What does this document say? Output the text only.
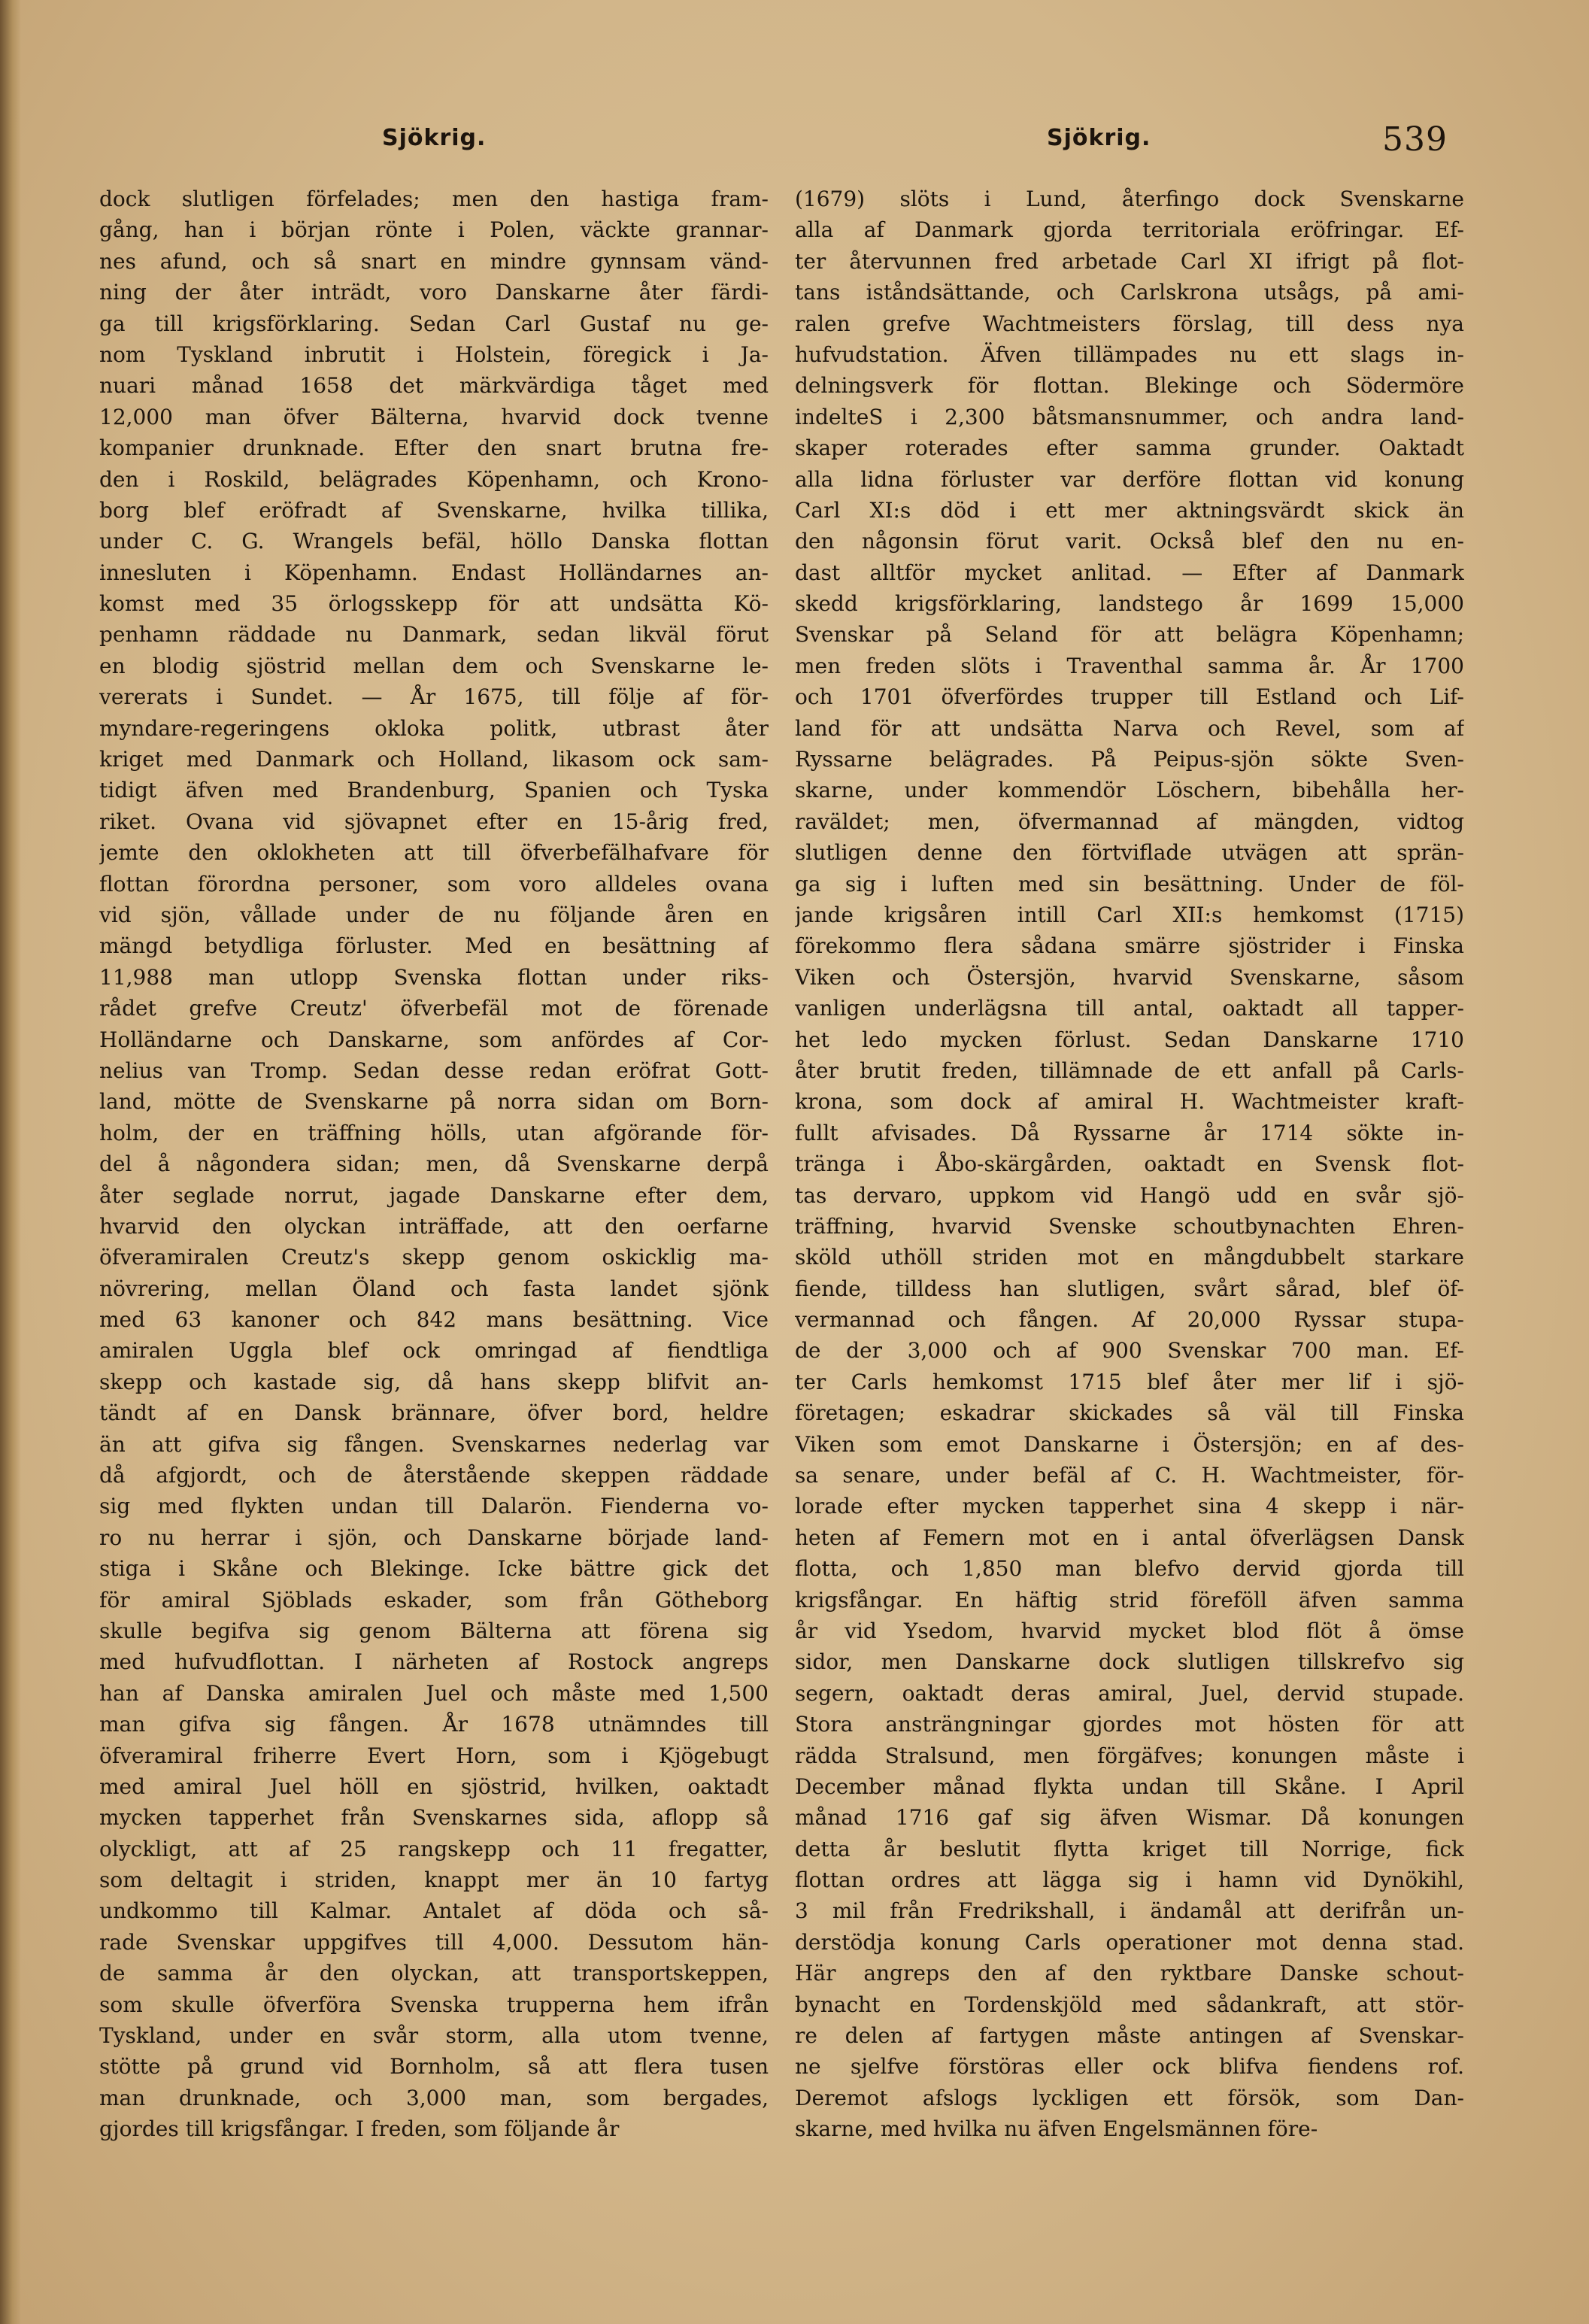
Sjökrig.	Sjökrig.	539
dock slutligen förfelades; men den hastiga fram-
gång, han i början rönte i Polen, väckte grannar-
nes afund, och så snart en mindre gynnsam vänd-
ning der åter inträdt, voro Danskarne åter färdi-
ga till krigsförklaring. Sedan Carl Gustaf nu ge-
nom Tyskland inbrutit i Holstein, föregick i Ja-
nuari månad 1658 det märkvärdiga tåget med
12,000 man öfver Bälterna, hvarvid dock tvenne
kompanier drunknade. Efter den snart brutna fre-
den i Roskild, belägrades Köpenhamn, och Krono-
borg blef eröfradt af Svenskarne, hvilka tillika,
under C. G. Wrangels befäl, höllo Danska flottan
innesluten i Köpenhamn. Endast Holländarnes an-
komst med 35 örlogsskepp för att undsätta Kö-
penhamn räddade nu Danmark, sedan likväl förut
en blodig sjöstrid mellan dem och Svenskarne le-
vererats i Sundet. — År 1675, till följe af för-
myndare-regeringens okloka politk, utbrast åter
kriget med Danmark och Holland, likasom ock sam-
tidigt äfven med Brandenburg, Spanien och Tyska
riket. Ovana vid sjövapnet efter en 15-årig fred,
jemte den oklokheten att till öfverbefälhafvare för
flottan förordna personer, som voro alldeles ovana
vid sjön, vållade under de nu följande åren en
mängd betydliga förluster. Med en besättning af
11,988 man utlopp Svenska flottan under riks-
rådet grefve Creutz' öfverbefäl mot de förenade
Holländarne och Danskarne, som anfördes af Cor-
nelius van Tromp. Sedan desse redan eröfrat Gott-
land, mötte de Svenskarne på norra sidan om Born-
holm, der en träffning hölls, utan afgörande för-
del å någondera sidan; men, då Svenskarne derpå
åter seglade norrut, jagade Danskarne efter dem,
hvarvid den olyckan inträffade, att den oerfarne
öfveramiralen Creutz's skepp genom oskicklig ma-
növrering, mellan Öland och fasta landet sjönk
med 63 kanoner och 842 mans besättning. Vice
amiralen Uggla blef ock omringad af fiendtliga
skepp och kastade sig, då hans skepp blifvit an-
tändt af en Dansk brännare, öfver bord, heldre
än att gifva sig fången. Svenskarnes nederlag var
då afgjordt, och de återstående skeppen räddade
sig med flykten undan till Dalarön. Fienderna vo-
ro nu herrar i sjön, och Danskarne började land-
stiga i Skåne och Blekinge. Icke bättre gick det
för amiral Sjöblads eskader, som från Götheborg
skulle begifva sig genom Bälterna att förena sig
med hufvudflottan. I närheten af Rostock angreps
han af Danska amiralen Juel och måste med 1,500
man gifva sig fången. År 1678 utnämndes till
öfveramiral friherre Evert Horn, som i Kjögebugt
med amiral Juel höll en sjöstrid, hvilken, oaktadt
mycken tapperhet från Svenskarnes sida, aflopp så
olyckligt, att af 25 rangskepp och 11 fregatter,
som deltagit i striden, knappt mer än 10 fartyg
undkommo till Kalmar. Antalet af döda och så-
rade Svenskar uppgifves till 4,000. Dessutom hän-
de samma år den olyckan, att transportskeppen,
som skulle öfverföra Svenska trupperna hem ifrån
Tyskland, under en svår storm, alla utom tvenne,
stötte på grund vid Bornholm, så att flera tusen
man drunknade, och 3,000 man, som bergades,
gjordes till krigsfångar. I freden, som följande år
(1679) slöts i Lund, återfingo dock Svenskarne
alla af Danmark gjorda territoriala eröfringar. Ef-
ter återvunnen fred arbetade Carl XI ifrigt på flot-
tans iståndsättande, och Carlskrona utsågs, på ami-
ralen grefve Wachtmeisters förslag, till dess nya
hufvudstation. Äfven tillämpades nu ett slags in-
delningsverk för flottan. Blekinge och Södermöre
indelteS i 2,300 båtsmansnummer, och andra land-
skaper roterades efter samma grunder. Oaktadt
alla lidna förluster var derföre flottan vid konung
Carl XI:s död i ett mer aktningsvärdt skick än
den någonsin förut varit. Också blef den nu en-
dast alltför mycket anlitad. — Efter af Danmark
skedd krigsförklaring, landstego år 1699 15,000
Svenskar på Seland för att belägra Köpenhamn;
men freden slöts i Traventhal samma år. År 1700
och 1701 öfverfördes trupper till Estland och Lif-
land för att undsätta Narva och Revel, som af
Ryssarne belägrades. På Peipus-sjön sökte Sven-
skarne, under kommendör Löschern, bibehålla her-
raväldet; men, öfvermannad af mängden, vidtog
slutligen denne den förtviflade utvägen att sprän-
ga sig i luften med sin besättning. Under de föl-
jande krigsåren intill Carl XII:s hemkomst (1715)
förekommo flera sådana smärre sjöstrider i Finska
Viken och Östersjön, hvarvid Svenskarne, såsom
vanligen underlägsna till antal, oaktadt all tapper-
het ledo mycken förlust. Sedan Danskarne 1710
åter brutit freden, tillämnade de ett anfall på Carls-
krona, som dock af amiral H. Wachtmeister kraft-
fullt afvisades. Då Ryssarne år 1714 sökte in-
tränga i Åbo-skärgården, oaktadt en Svensk flot-
tas dervaro, uppkom vid Hangö udd en svår sjö-
träffning, hvarvid Svenske schoutbynachten Ehren-
sköld uthöll striden mot en mångdubbelt starkare
fiende, tilldess han slutligen, svårt sårad, blef öf-
vermannad och fången. Af 20,000 Ryssar stupa-
de der 3,000 och af 900 Svenskar 700 man. Ef-
ter Carls hemkomst 1715 blef åter mer lif i sjö-
företagen; eskadrar skickades så väl till Finska
Viken som emot Danskarne i Östersjön; en af des-
sa senare, under befäl af C. H. Wachtmeister, för-
lorade efter mycken tapperhet sina 4 skepp i när-
heten af Femern mot en i antal öfverlägsen Dansk
flotta, och 1,850 man blefvo dervid gjorda till
krigsfångar. En häftig strid föreföll äfven samma
år vid Ysedom, hvarvid mycket blod flöt å ömse
sidor, men Danskarne dock slutligen tillskrefvo sig
segern, oaktadt deras amiral, Juel, dervid stupade.
Stora ansträngningar gjordes mot hösten för att
rädda Stralsund, men förgäfves; konungen måste i
December månad flykta undan till Skåne. I April
månad 1716 gaf sig äfven Wismar. Då konungen
detta år beslutit flytta kriget till Norrige, fick
flottan ordres att lägga sig i hamn vid Dynökihl,
3 mil från Fredrikshall, i ändamål att derifrån un-
derstödja konung Carls operationer mot denna stad.
Här angreps den af den ryktbare Danske schout-
bynacht en Tordenskjöld med sådankraft, att stör-
re delen af fartygen måste antingen af Svenskar-
ne sjelfve förstöras eller ock blifva fiendens rof.
Deremot afslogs lyckligen ett försök, som Dan-
skarne, med hvilka nu äfven Engelsmännen före-
